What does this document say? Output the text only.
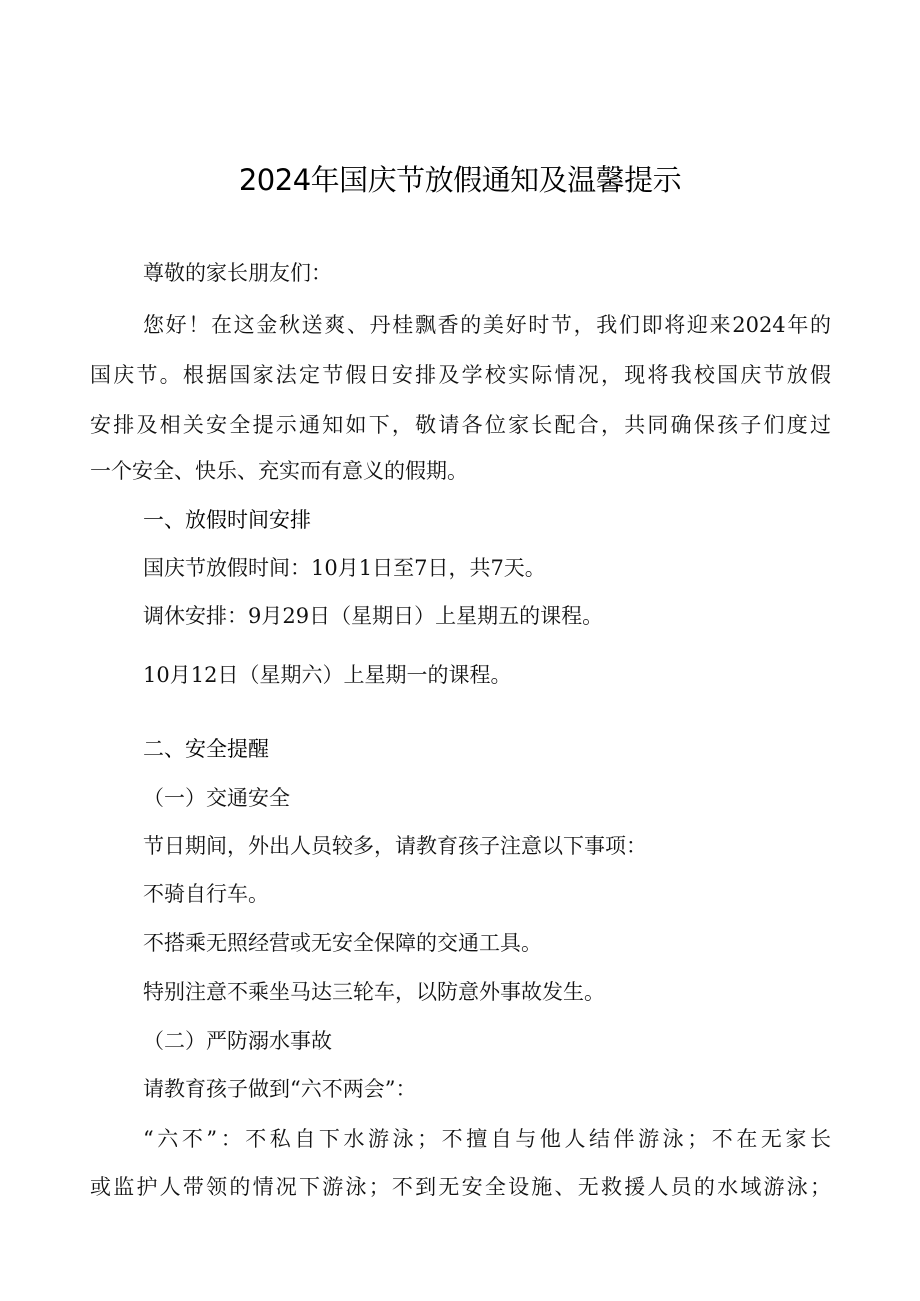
2024年国庆节放假通知及温馨提示
尊敬的家长朋友们：
您好！在这金秋送爽、丹桂飘香的美好时节，我们即将迎来2024年的
国庆节。根据国家法定节假日安排及学校实际情况，现将我校国庆节放假
安排及相关安全提示通知如下，敬请各位家长配合，共同确保孩子们度过
一个安全、快乐、充实而有意义的假期。
一、放假时间安排
国庆节放假时间：10月1日至7日，共7天。
调休安排：9月29日（星期日）上星期五的课程。
10月12日（星期六）上星期一的课程。
二、安全提醒
（一）交通安全
节日期间，外出人员较多，请教育孩子注意以下事项：
不骑自行车。
不搭乘无照经营或无安全保障的交通工具。
特别注意不乘坐马达三轮车，以防意外事故发生。
（二）严防溺水事故
请教育孩子做到“六不两会”：
“六不”：不私自下水游泳；不擅自与他人结伴游泳；不在无家长
或监护人带领的情况下游泳；不到无安全设施、无救援人员的水域游泳；
